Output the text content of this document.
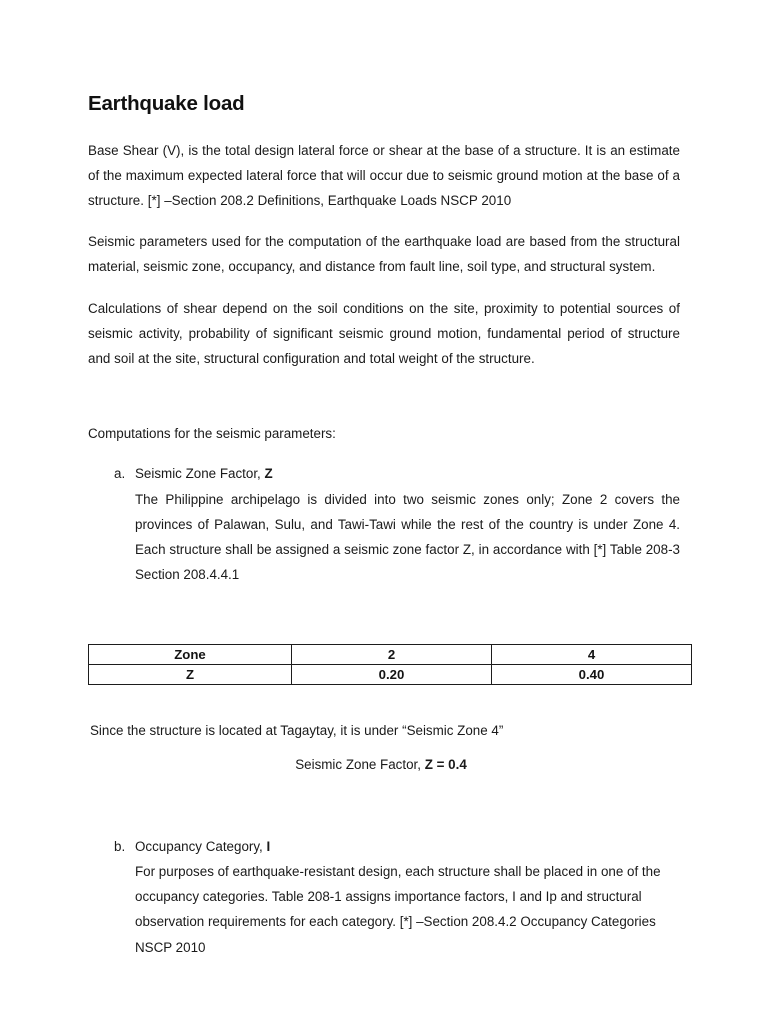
Earthquake load

Base Shear (V), is the total design lateral force or shear at the base of a structure. It is an estimate of the maximum expected lateral force that will occur due to seismic ground motion at the base of a structure. [*] –Section 208.2 Definitions, Earthquake Loads NSCP 2010

Seismic parameters used for the computation of the earthquake load are based from the structural material, seismic zone, occupancy, and distance from fault line, soil type, and structural system.

Calculations of shear depend on the soil conditions on the site, proximity to potential sources of seismic activity, probability of significant seismic ground motion, fundamental period of structure and soil at the site, structural configuration and total weight of the structure.

Computations for the seismic parameters:

a. Seismic Zone Factor, Z
The Philippine archipelago is divided into two seismic zones only; Zone 2 covers the provinces of Palawan, Sulu, and Tawi-Tawi while the rest of the country is under Zone 4. Each structure shall be assigned a seismic zone factor Z, in accordance with [*] Table 208-3 Section 208.4.4.1
Zone	2	4
Z	0.20	0.40

Since the structure is located at Tagaytay, it is under “Seismic Zone 4”

Seismic Zone Factor, Z = 0.4

b. Occupancy Category, I
For purposes of earthquake-resistant design, each structure shall be placed in one of the occupancy categories. Table 208-1 assigns importance factors, I and Ip and structural observation requirements for each category. [*] –Section 208.4.2 Occupancy Categories NSCP 2010
